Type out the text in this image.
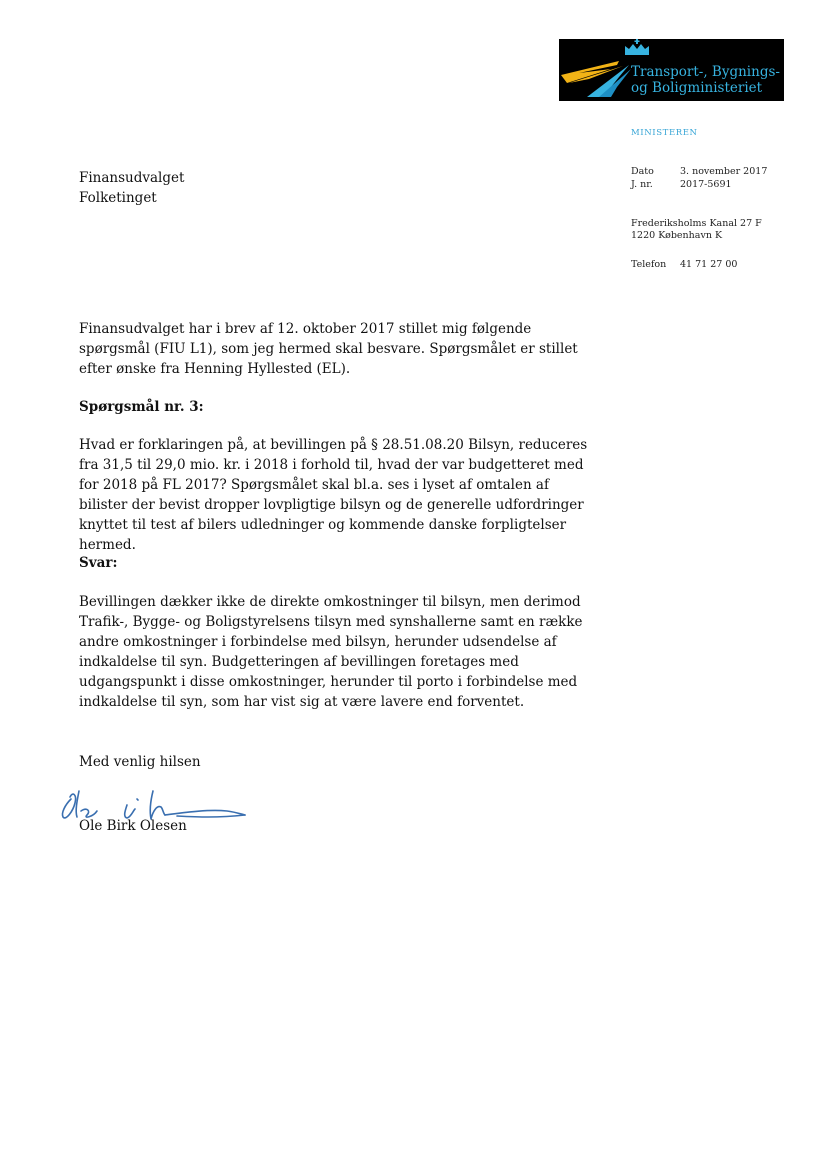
Transport-, Bygnings-
og Boligministeriet
MINISTEREN
Dato	3. november 2017
J. nr.	2017-5691
Frederiksholms Kanal 27 F
1220 København K
Telefon 41 71 27 00
Finansudvalget
Folketinget

Finansudvalget har i brev af 12. oktober 2017 stillet mig følgende spørgsmål (FIU L1), som jeg hermed skal besvare. Spørgsmålet er stillet efter ønske fra Henning Hyllested (EL).

Spørgsmål nr. 3:

Hvad er forklaringen på, at bevillingen på § 28.51.08.20 Bilsyn, reduceres fra 31,5 til 29,0 mio. kr. i 2018 i forhold til, hvad der var budgetteret med for 2018 på FL 2017? Spørgsmålet skal bl.a. ses i lyset af omtalen af bilister der bevist dropper lovpligtige bilsyn og de generelle udfordringer knyttet til test af bilers udledninger og kommende danske forpligtelser hermed.

Svar:

Bevillingen dækker ikke de direkte omkostninger til bilsyn, men derimod Trafik-, Bygge- og Boligstyrelsens tilsyn med synshallerne samt en række andre omkostninger i forbindelse med bilsyn, herunder udsendelse af indkaldelse til syn. Budgetteringen af bevillingen foretages med udgangspunkt i disse omkostninger, herunder til porto i forbindelse med indkaldelse til syn, som har vist sig at være lavere end forventet.

Med venlig hilsen
Ole Birk Olesen
